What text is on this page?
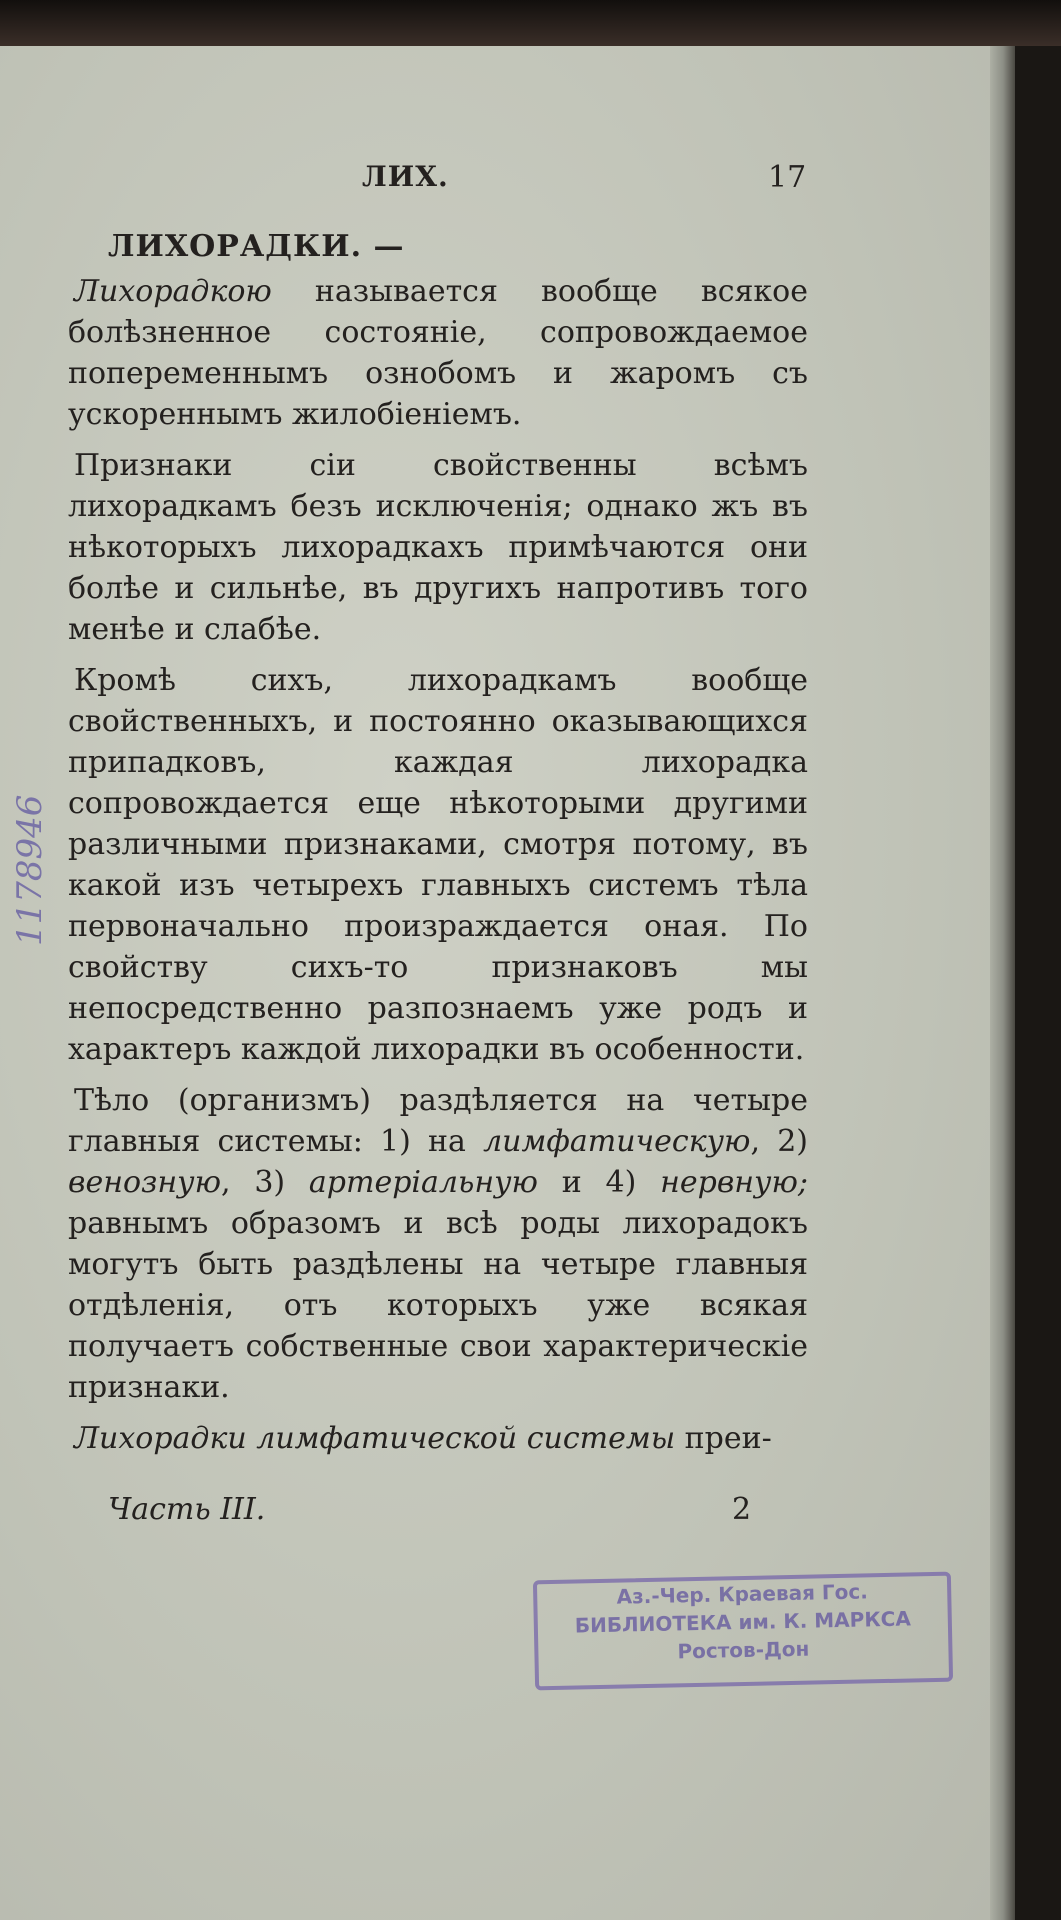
ЛИХ.	17
ЛИХОРАДКИ. —

Лихорадкою называется вообще всякое болѣзненное состояніе, сопровождаемое попеременнымъ ознобомъ и жаромъ съ ускореннымъ жилобіеніемъ.

Признаки сіи свойственны всѣмъ лихорадкамъ безъ исключенія; однако жъ въ нѣкоторыхъ лихорадкахъ примѣчаются они болѣе и сильнѣе, въ другихъ напротивъ того менѣе и слабѣе.

Кромѣ сихъ, лихорадкамъ вообще свойственныхъ, и постоянно оказывающихся припадковъ, каждая лихорадка сопровождается еще нѣкоторыми другими различными признаками, смотря потому, въ какой изъ четырехъ главныхъ системъ тѣла первоначально произраждается оная. По свойству сихъ-то признаковъ мы непосредственно разпознаемъ уже родъ и характеръ каждой лихорадки въ особенности.

Тѣло (организмъ) раздѣляется на четыре главныя системы: 1) на лимфатическую, 2) венозную, 3) артеріальную и 4) нервную; равнымъ образомъ и всѣ роды лихорадокъ могутъ быть раздѣлены на четыре главныя отдѣленія, отъ которыхъ уже всякая получаетъ собственные свои характерическіе признаки.

Лихорадки лимфатической системы преи-

Часть III.	2
1178946
Аз.-Чер. Краевая Гос.
БИБЛИОТЕКА им. К. МАРКСА
Ростов-Дон
